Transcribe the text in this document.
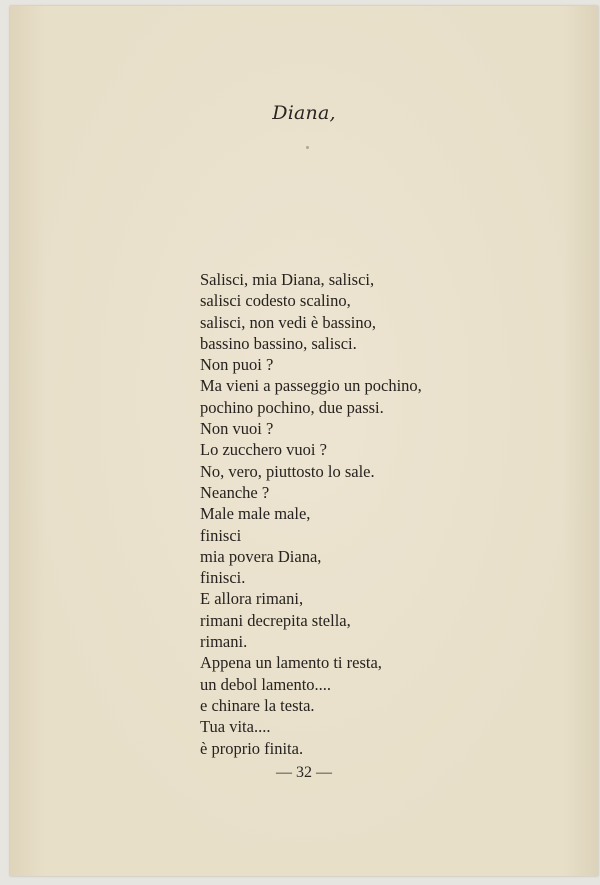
Diana,
Salisci, mia Diana, salisci,
salisci codesto scalino,
salisci, non vedi è bassino,
bassino bassino, salisci.
Non puoi ?
Ma vieni a passeggio un pochino,
pochino pochino, due passi.
Non vuoi ?
Lo zucchero vuoi ?
No, vero, piuttosto lo sale.
Neanche ?
Male male male,
finisci
mia povera Diana,
finisci.
E allora rimani,
rimani decrepita stella,
rimani.
Appena un lamento ti resta,
un debol lamento....
e chinare la testa.
Tua vita....
è proprio finita.
— 32 —
